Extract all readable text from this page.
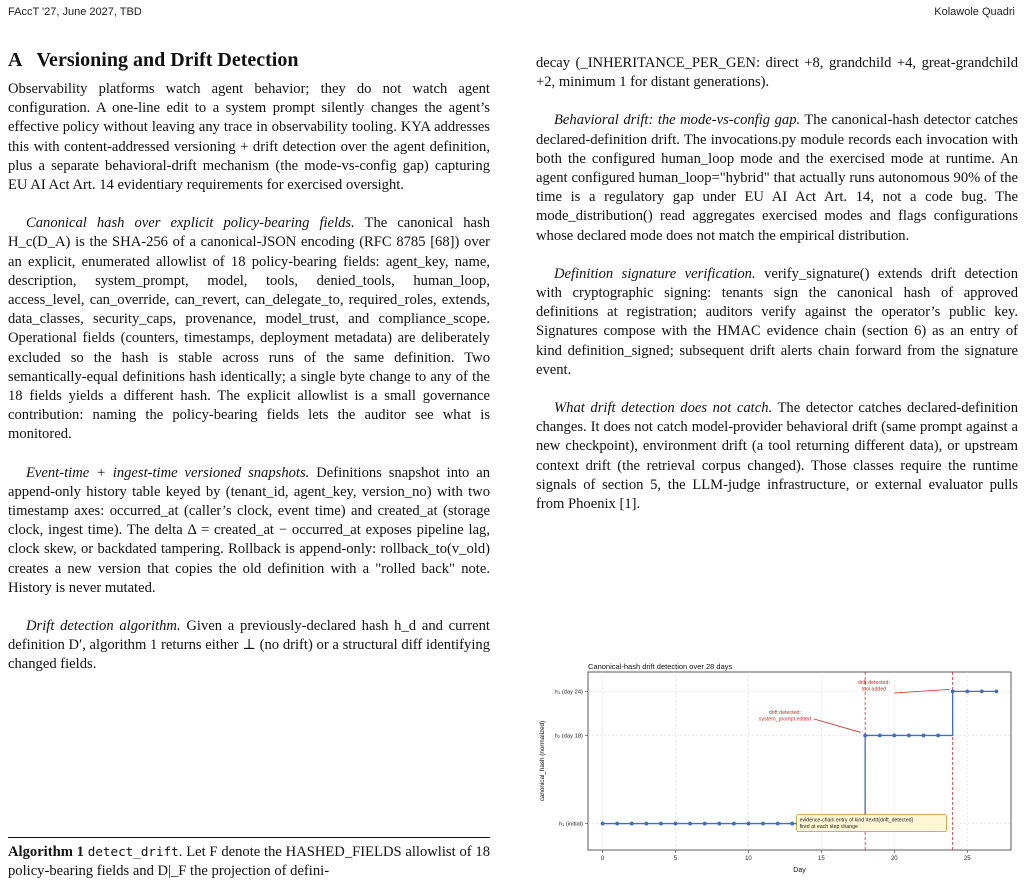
FAccT '27, June 2027, TBD	Kolawole Quadri
A Versioning and Drift Detection

Observability platforms watch agent behavior; they do not watch agent configuration. A one-line edit to a system prompt silently changes the agent’s effective policy without leaving any trace in observability tooling. KYA addresses this with content-addressed versioning + drift detection over the agent definition, plus a separate behavioral-drift mechanism (the mode-vs-config gap) capturing EU AI Act Art. 14 evidentiary requirements for exercised oversight.

Canonical hash over explicit policy-bearing fields. The canonical hash H_c(D_A) is the SHA-256 of a canonical-JSON encoding (RFC 8785 [68]) over an explicit, enumerated allowlist of 18 policy-bearing fields: agent_key, name, description, system_prompt, model, tools, denied_tools, human_loop, access_level, can_override, can_revert, can_delegate_to, required_roles, extends, data_classes, security_caps, provenance, model_trust, and compliance_scope. Operational fields (counters, timestamps, deployment metadata) are deliberately excluded so the hash is stable across runs of the same definition. Two semantically-equal definitions hash identically; a single byte change to any of the 18 fields yields a different hash. The explicit allowlist is a small governance contribution: naming the policy-bearing fields lets the auditor see what is monitored.

Event-time + ingest-time versioned snapshots. Definitions snapshot into an append-only history table keyed by (tenant_id, agent_key, version_no) with two timestamp axes: occurred_at (caller’s clock, event time) and created_at (storage clock, ingest time). The delta Δ = created_at − occurred_at exposes pipeline lag, clock skew, or backdated tampering. Rollback is append-only: rollback_to(v_old) creates a new version that copies the old definition with a "rolled back" note. History is never mutated.

Drift detection algorithm. Given a previously-declared hash h_d and current definition D′, algorithm 1 returns either ⊥ (no drift) or a structural diff identifying changed fields.

Algorithm 1 detect_drift. Let F denote the HASHED_FIELDS allowlist of 18 policy-bearing fields and D|_F the projection of defini-

decay (_INHERITANCE_PER_GEN: direct +8, grandchild +4, great-grandchild +2, minimum 1 for distant generations).

Behavioral drift: the mode-vs-config gap. The canonical-hash detector catches declared-definition drift. The invocations.py module records each invocation with both the configured human_loop mode and the exercised mode at runtime. An agent configured human_loop="hybrid" that actually runs autonomous 90% of the time is a regulatory gap under EU AI Act Art. 14, not a code bug. The mode_distribution() read aggregates exercised modes and flags configurations whose declared mode does not match the empirical distribution.

Definition signature verification. verify_signature() extends drift detection with cryptographic signing: tenants sign the canonical hash of approved definitions at registration; auditors verify against the operator’s public key. Signatures compose with the HMAC evidence chain (section 6) as an entry of kind definition_signed; subsequent drift alerts chain forward from the signature event.

What drift detection does not catch. The detector catches declared-definition changes. It does not catch model-provider behavioral drift (same prompt against a new checkpoint), environment drift (a tool returning different data), or upstream context drift (the retrieval corpus changed). Those classes require the runtime signals of section 5, the LLM-judge infrastructure, or external evaluator pulls from Phoenix [1].

Canonical-hash drift detection over 28 days
0	5	10	15	20	25
h₁ (initial)
h₂ (day 18)
h₃ (day 24)
Day
canonical_hash (normalized)
drift detected:
system_prompt edited
drift detected:
tool added
evidence-chain entry of kind \texttt{drift_detected}
fired at each step change
